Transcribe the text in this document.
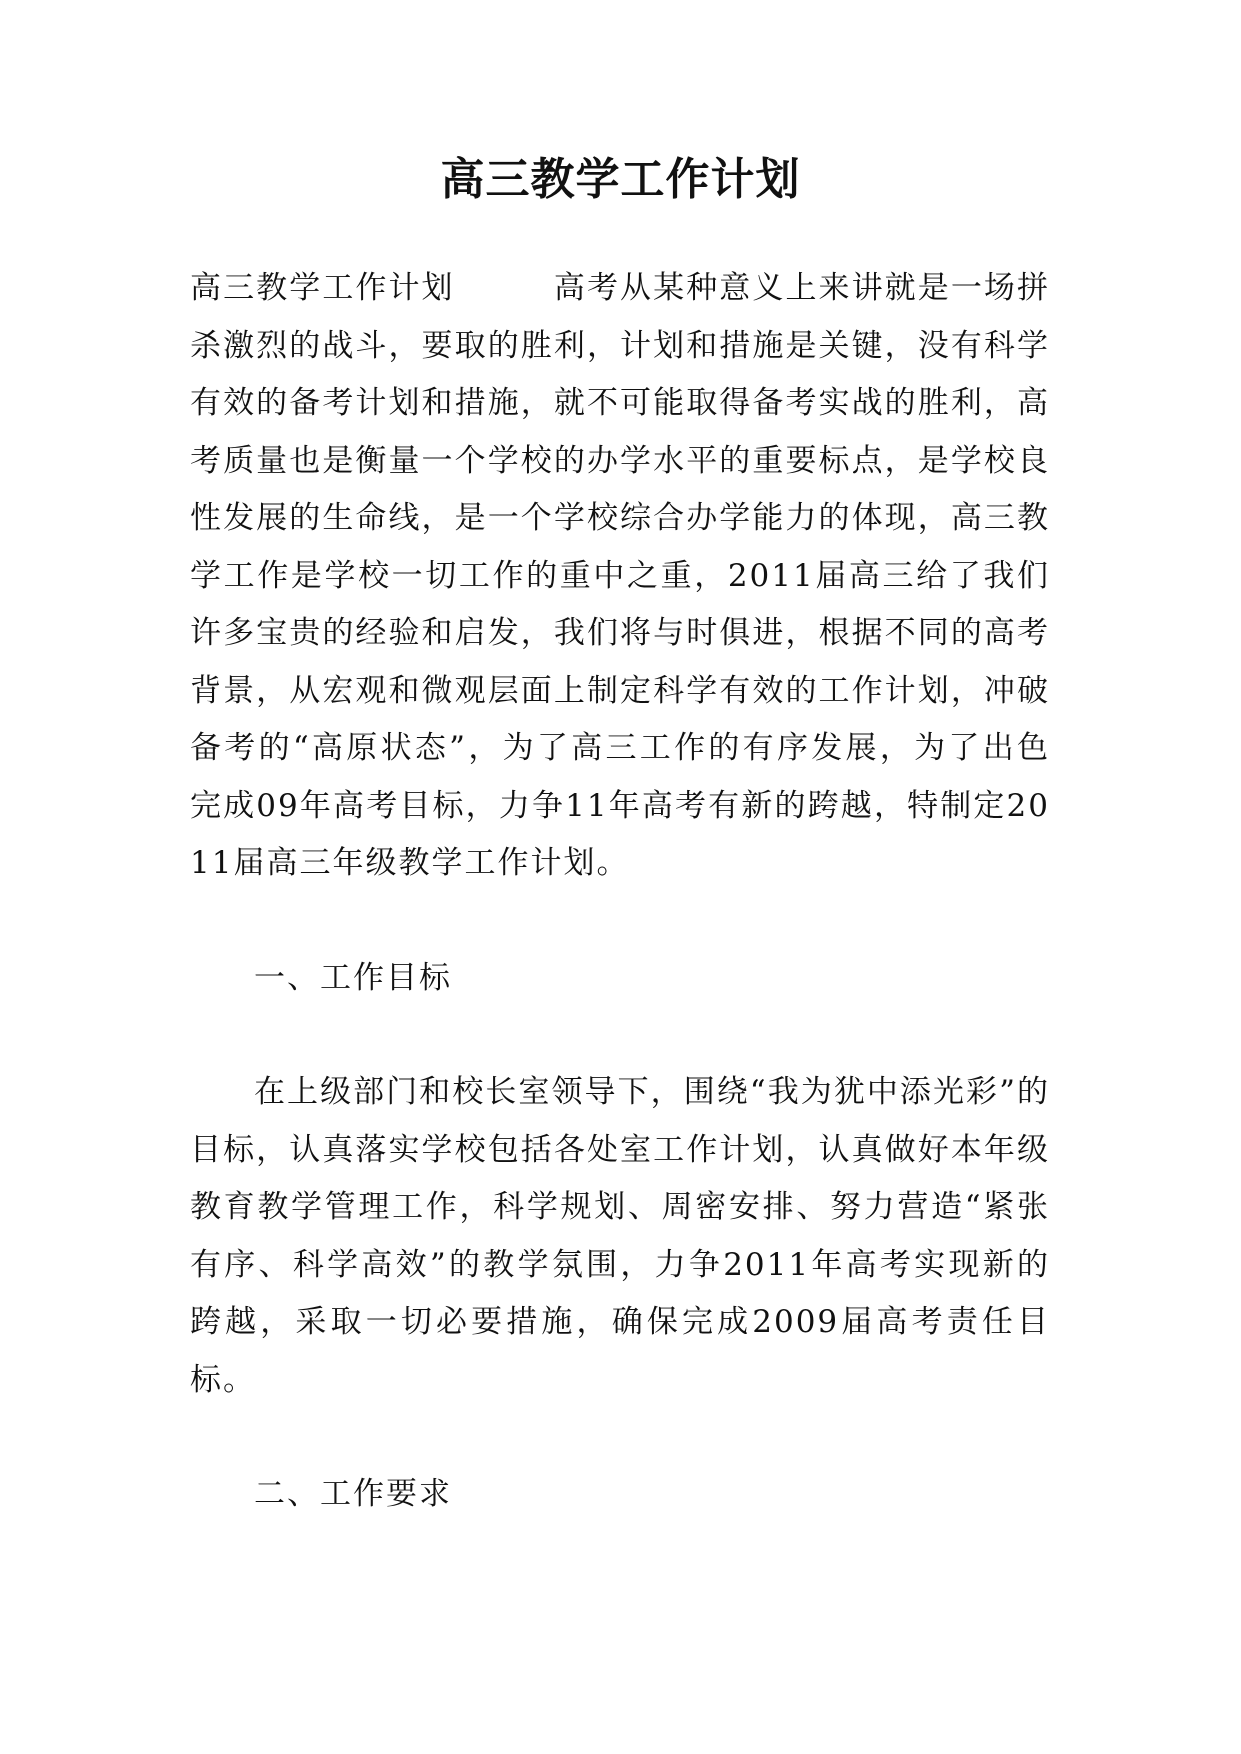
高三教学工作计划

高三教学工作计划　　　高考从某种意义上来讲就是一场拼杀激烈的战斗，要取的胜利，计划和措施是关键，没有科学有效的备考计划和措施，就不可能取得备考实战的胜利，高考质量也是衡量一个学校的办学水平的重要标点，是学校良性发展的生命线，是一个学校综合办学能力的体现，高三教学工作是学校一切工作的重中之重，2011届高三给了我们许多宝贵的经验和启发，我们将与时俱进，根据不同的高考背景，从宏观和微观层面上制定科学有效的工作计划，冲破备考的“高原状态”，为了高三工作的有序发展，为了出色完成09年高考目标，力争11年高考有新的跨越，特制定2011届高三年级教学工作计划。

一、工作目标

在上级部门和校长室领导下，围绕“我为犹中添光彩”的目标，认真落实学校包括各处室工作计划，认真做好本年级教育教学管理工作，科学规划、周密安排、努力营造“紧张有序、科学高效”的教学氛围，力争2011年高考实现新的跨越，采取一切必要措施，确保完成2009届高考责任目标。

二、工作要求
